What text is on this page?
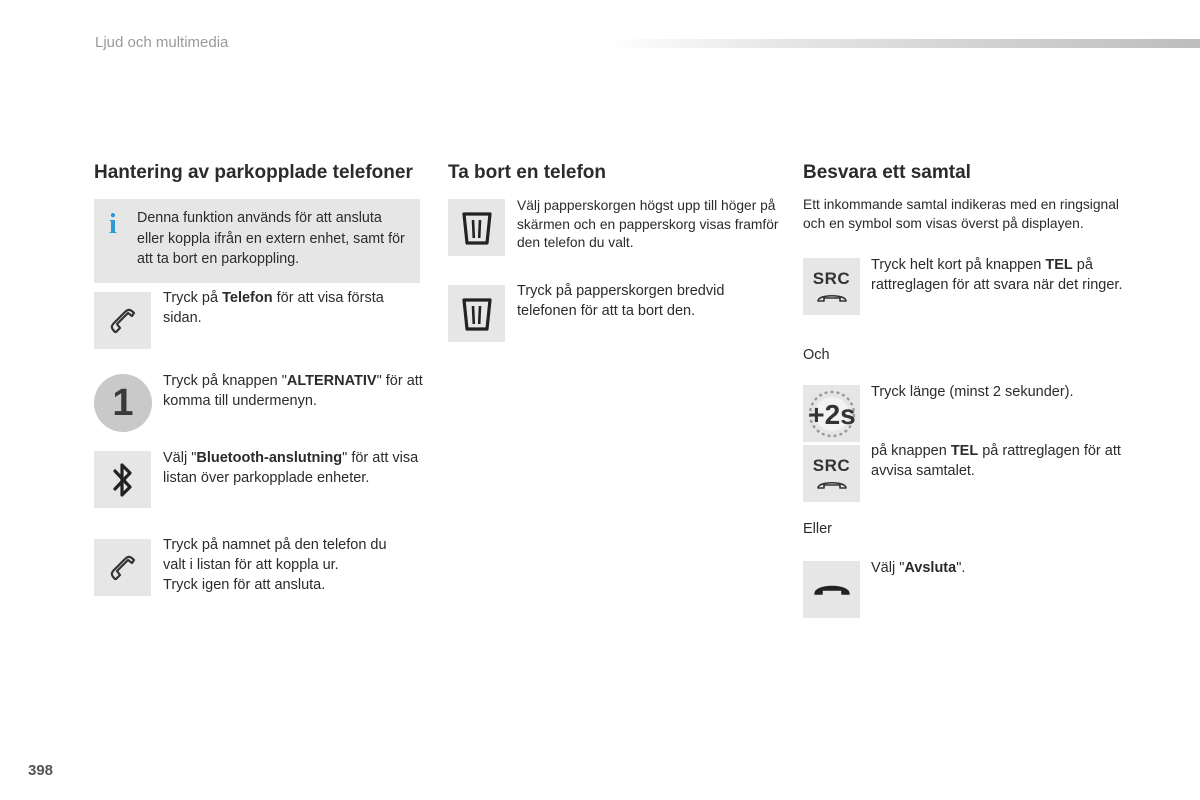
Ljud och multimedia
Hantering av parkopplade telefoner
i Denna funktion används för att ansluta eller koppla ifrån en extern enhet, samt för att ta bort en parkoppling.
Tryck på Telefon för att visa första sidan.
1
Tryck på knappen "ALTERNATIV" för att komma till undermenyn.
Välj "Bluetooth-anslutning" för att visa listan över parkopplade enheter.
Tryck på namnet på den telefon du
valt i listan för att koppla ur.
Tryck igen för att ansluta.
Ta bort en telefon
Välj papperskorgen högst upp till höger på skärmen och en papperskorg visas framför den telefon du valt.
Tryck på papperskorgen bredvid telefonen för att ta bort den.
Besvara ett samtal
Ett inkommande samtal indikeras med en ringsignal och en symbol som visas överst på displayen.
SRC
Tryck helt kort på knappen TEL på rattreglagen för att svara när det ringer.
Och
+2s
Tryck länge (minst 2 sekunder).
SRC
på knappen TEL på rattreglagen för att avvisa samtalet.
Eller
Välj "Avsluta".
398
